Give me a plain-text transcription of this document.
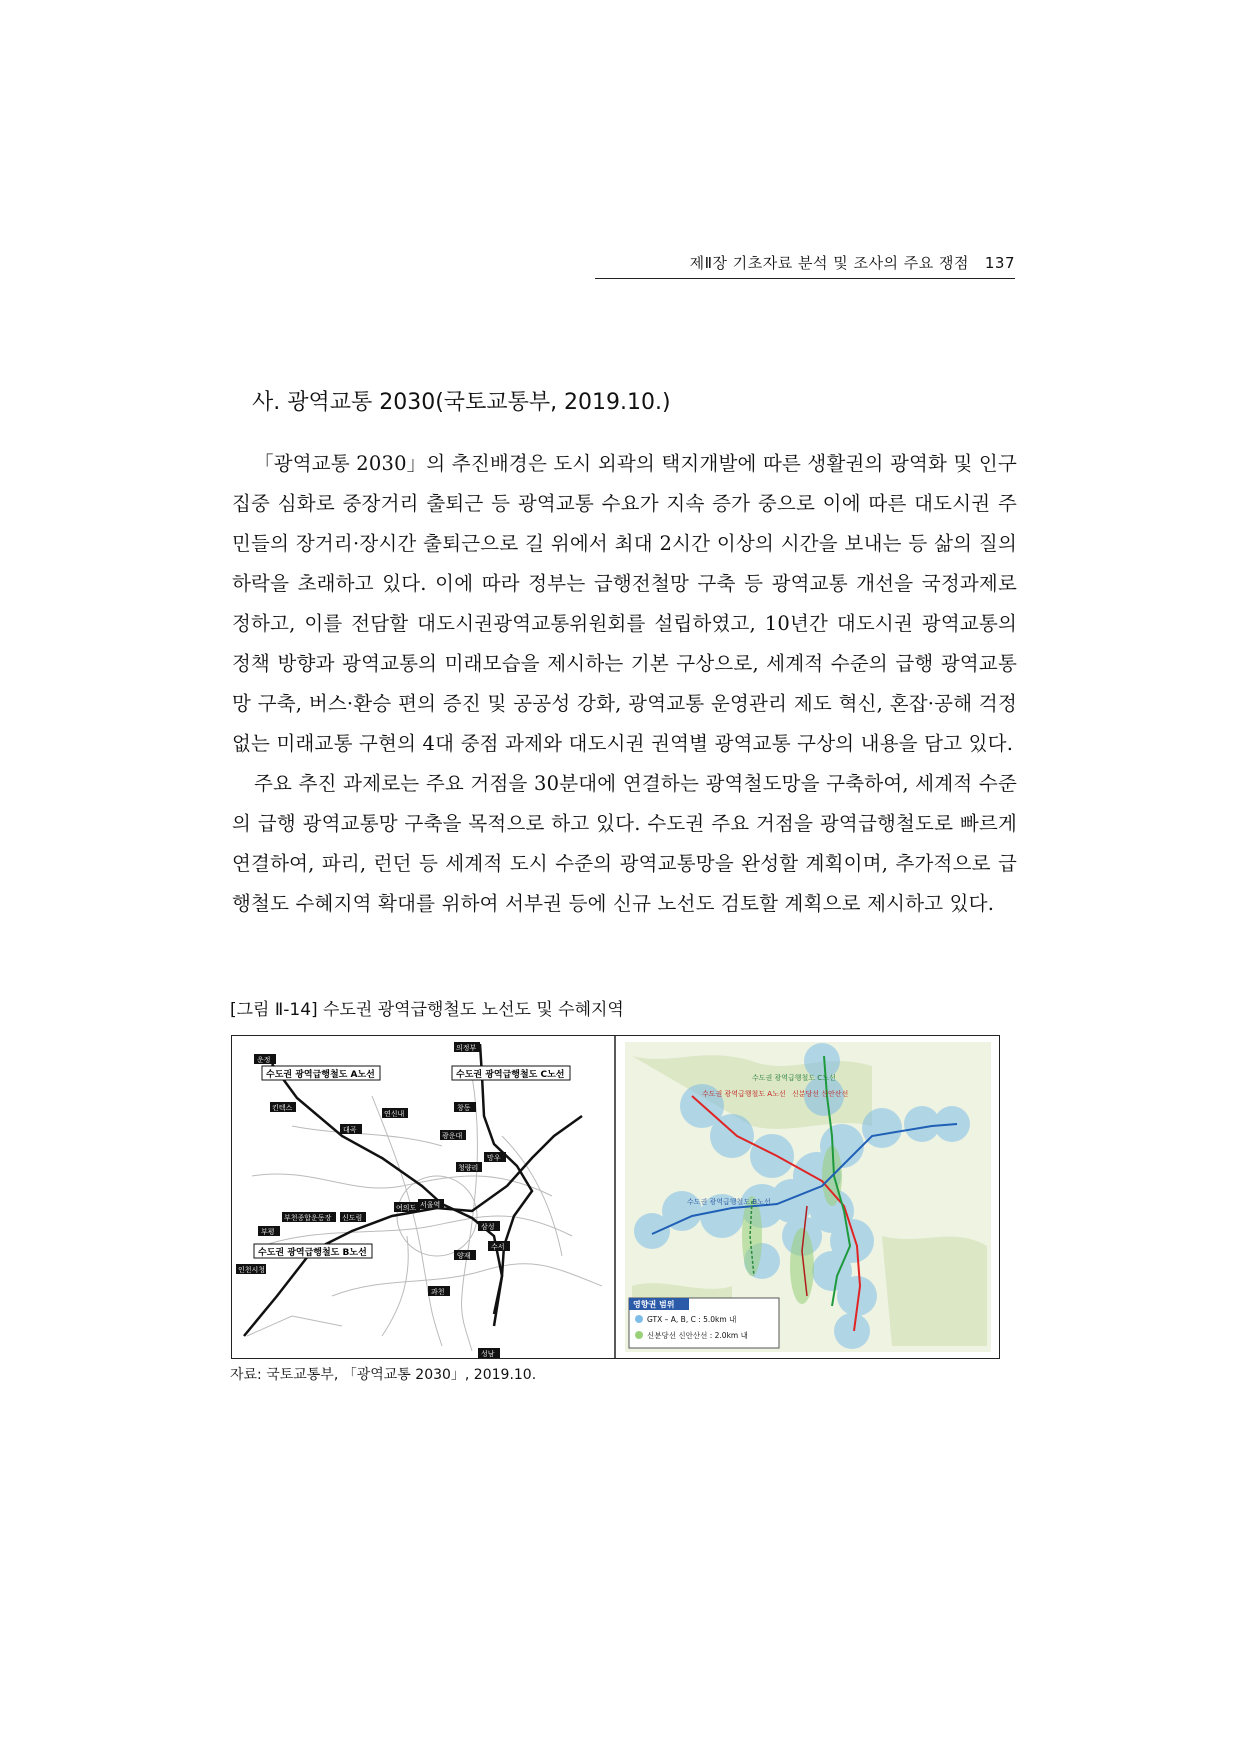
제Ⅱ장 기초자료 분석 및 조사의 주요 쟁점 137
사. 광역교통 2030(국토교통부, 2019.10.)

「광역교통 2030」의 추진배경은 도시 외곽의 택지개발에 따른 생활권의 광역화 및 인구집중 심화로 중장거리 출퇴근 등 광역교통 수요가 지속 증가 중으로 이에 따른 대도시권 주민들의 장거리·장시간 출퇴근으로 길 위에서 최대 2시간 이상의 시간을 보내는 등 삶의 질의 하락을 초래하고 있다. 이에 따라 정부는 급행전철망 구축 등 광역교통 개선을 국정과제로 정하고, 이를 전담할 대도시권광역교통위원회를 설립하였고, 10년간 대도시권 광역교통의 정책 방향과 광역교통의 미래모습을 제시하는 기본 구상으로, 세계적 수준의 급행 광역교통망 구축, 버스·환승 편의 증진 및 공공성 강화, 광역교통 운영관리 제도 혁신, 혼잡·공해 걱정 없는 미래교통 구현의 4대 중점 과제와 대도시권 권역별 광역교통 구상의 내용을 담고 있다.

주요 추진 과제로는 주요 거점을 30분대에 연결하는 광역철도망을 구축하여, 세계적 수준의 급행 광역교통망 구축을 목적으로 하고 있다. 수도권 주요 거점을 광역급행철도로 빠르게 연결하여, 파리, 런던 등 세계적 도시 수준의 광역교통망을 완성할 계획이며, 추가적으로 급행철도 수혜지역 확대를 위하여 서부권 등에 신규 노선도 검토할 계획으로 제시하고 있다.

[그림 Ⅱ-14] 수도권 광역급행철도 노선도 및 수혜지역
수도권 광역급행철도 A노선	수도권 광역급행철도 C노선
수도권 광역급행철도 B노선
운정
킨텍스
대곡
연신내
서울역
삼성
수서
성남
의정부
창동
광운대
청량리
망우
여의도
신도림
부천종합운동장
부평
인천시청
과천
양재
수도권 광역급행철도 C노선
수도권 광역급행철도 A노선
수도권 광역급행철도 B노선
신분당선 신안산선
영향권 범위
GTX – A, B, C : 5.0km 내
신분당선 신안산선 : 2.0km 내
자료: 국토교통부, 「광역교통 2030」, 2019.10.
